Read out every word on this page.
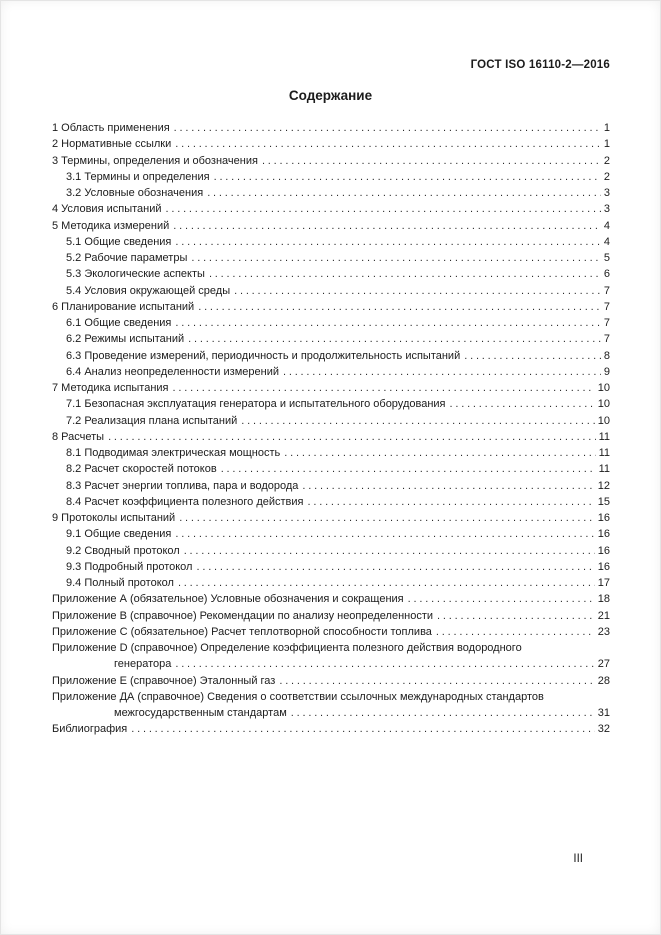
ГОСТ ISO 16110-2—2016
Содержание
1 Область применения .....	1
2 Нормативные ссылки .....	1
3 Термины, определения и обозначения .....	2
3.1 Термины и определения .....	2
3.2 Условные обозначения .....	3
4 Условия испытаний .....	3
5 Методика измерений .....	4
5.1 Общие сведения .....	4
5.2 Рабочие параметры .....	5
5.3 Экологические аспекты .....	6
5.4 Условия окружающей среды .....	7
6 Планирование испытаний .....	7
6.1 Общие сведения .....	7
6.2 Режимы испытаний .....	7
6.3 Проведение измерений, периодичность и продолжительность испытаний .....	8
6.4 Анализ неопределенности измерений .....	9
7 Методика испытания .....	10
7.1 Безопасная эксплуатация генератора и испытательного оборудования .....	10
7.2 Реализация плана испытаний .....	10
8 Расчеты .....	11
8.1 Подводимая электрическая мощность .....	11
8.2 Расчет скоростей потоков .....	11
8.3 Расчет энергии топлива, пара и водорода .....	12
8.4 Расчет коэффициента полезного действия .....	15
9 Протоколы испытаний .....	16
9.1 Общие сведения .....	16
9.2 Сводный протокол .....	16
9.3 Подробный протокол .....	16
9.4 Полный протокол .....	17
Приложение А (обязательное) Условные обозначения и сокращения .....	18
Приложение В (справочное) Рекомендации по анализу неопределенности .....	21
Приложение С (обязательное) Расчет теплотворной способности топлива .....	23
Приложение D (справочное) Определение коэффициента полезного действия водородного
генератора .....	27
Приложение Е (справочное) Эталонный газ .....	28
Приложение ДА (справочное) Сведения о соответствии ссылочных международных стандартов
межгосударственным стандартам .....	31
Библиография .....	32
III
